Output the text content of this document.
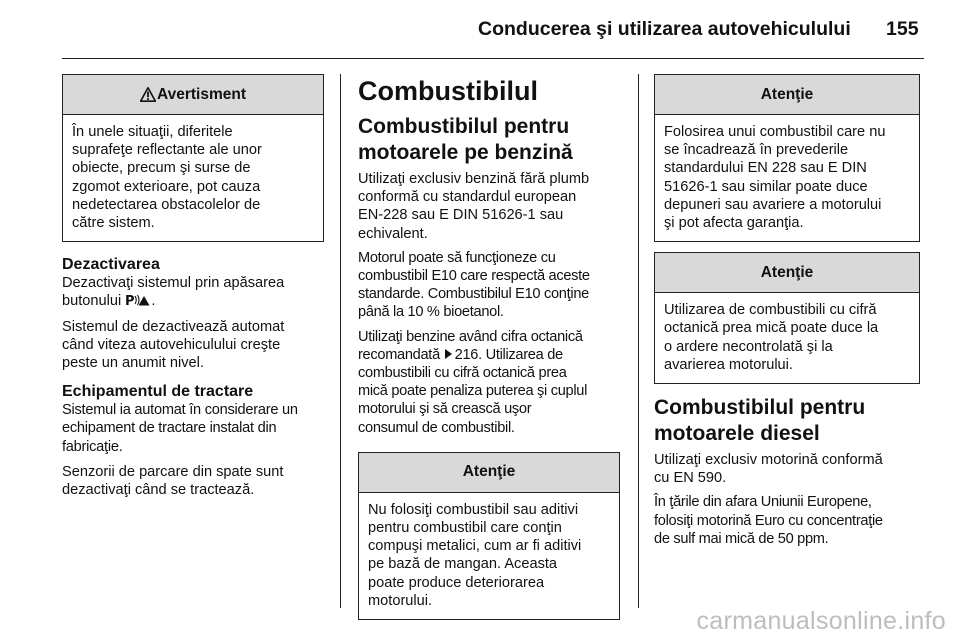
Conducerea şi utilizarea autovehiculului 155
Avertisment
În unele situaţii, diferitele
suprafeţe reflectante ale unor
obiecte, precum şi surse de
zgomot exterioare, pot cauza
nedetectarea obstacolelor de
către sistem.
Dezactivarea

Dezactivaţi sistemul prin apăsarea
butonului P .

Sistemul de dezactivează automat
când viteza autovehiculului creşte
peste un anumit nivel.

Echipamentul de tractare

Sistemul ia automat în considerare un
echipament de tractare instalat din
fabricaţie.

Senzorii de parcare din spate sunt
dezactivaţi când se tractează.

Combustibilul
Combustibilul pentru
motoarele pe benzină

Utilizaţi exclusiv benzină fără plumb
conformă cu standardul european
EN-228 sau E DIN 51626-1 sau
echivalent.

Motorul poate să funcţioneze cu
combustibil E10 care respectă aceste
standarde. Combustibilul E10 conţine
până la 10 % bioetanol.

Utilizaţi benzine având cifra octanică
recomandată 216. Utilizarea de
combustibili cu cifră octanică prea
mică poate penaliza puterea şi cuplul
motorului şi să crească uşor
consumul de combustibil.

Atenţie
Nu folosiţi combustibil sau aditivi
pentru combustibil care conţin
compuşi metalici, cum ar fi aditivi
pe bază de mangan. Aceasta
poate produce deteriorarea
motorului.
Atenţie
Folosirea unui combustibil care nu
se încadrează în prevederile
standardului EN 228 sau E DIN
51626-1 sau similar poate duce
depuneri sau avariere a motorului
şi pot afecta garanţia.
Atenţie
Utilizarea de combustibili cu cifră
octanică prea mică poate duce la
o ardere necontrolată şi la
avarierea motorului.
Combustibilul pentru
motoarele diesel

Utilizaţi exclusiv motorină conformă
cu EN 590.

În ţările din afara Uniunii Europene,
folosiţi motorină Euro cu concentraţie
de sulf mai mică de 50 ppm.

carmanualsonline.info
